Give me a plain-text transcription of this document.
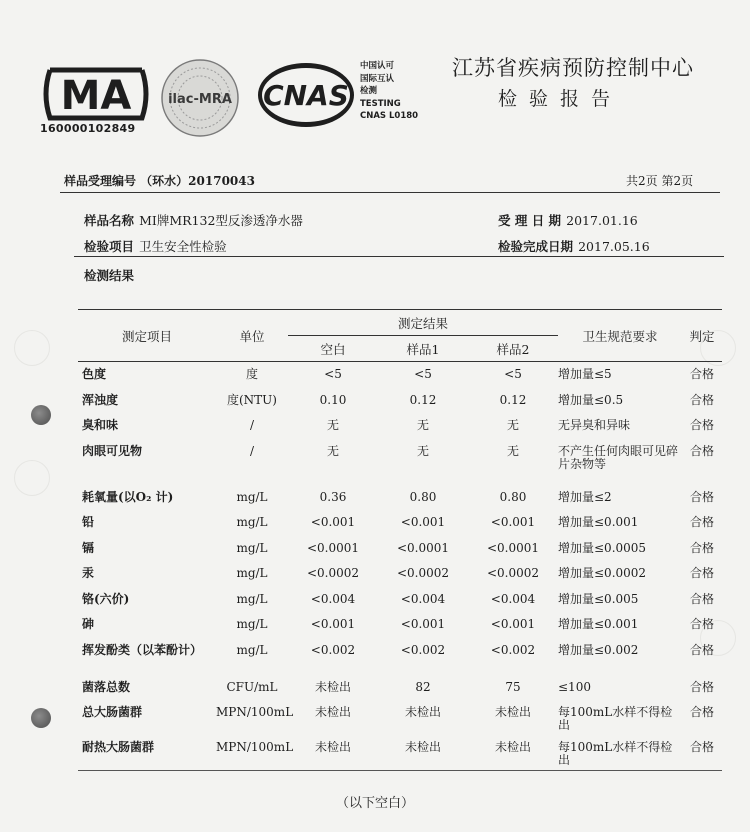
MA
160000102849
ilac-MRA CNAS
中国认可
国际互认
检测
TESTING
CNAS L0180
江苏省疾病预防控制中心
检验报告
样品受理编号 （环水）20170043	共2页 第2页
样品名称 MI牌MR132型反渗透净水器	受 理 日 期 2017.01.16
检验项目 卫生安全性检验	检验完成日期 2017.05.16
检测结果
测定项目	单位	测定结果			卫生规范要求	判定
		空白	样品1	样品2		
色度	度	<5	<5	<5	增加量≤5	合格
浑浊度	度(NTU)	0.10	0.12	0.12	增加量≤0.5	合格
臭和味	/	无	无	无	无异臭和异味	合格
肉眼可见物	/	无	无	无	不产生任何肉眼可见碎片杂物等	合格
耗氧量(以O₂ 计)	mg/L	0.36	0.80	0.80	增加量≤2	合格
铅	mg/L	<0.001	<0.001	<0.001	增加量≤0.001	合格
镉	mg/L	<0.0001	<0.0001	<0.0001	增加量≤0.0005	合格
汞	mg/L	<0.0002	<0.0002	<0.0002	增加量≤0.0002	合格
铬(六价)	mg/L	<0.004	<0.004	<0.004	增加量≤0.005	合格
砷	mg/L	<0.001	<0.001	<0.001	增加量≤0.001	合格
挥发酚类（以苯酚计）	mg/L	<0.002	<0.002	<0.002	增加量≤0.002	合格
菌落总数	CFU/mL	未检出	82	75	≤100	合格
总大肠菌群	MPN/100mL	未检出	未检出	未检出	每100mL水样不得检出	合格
耐热大肠菌群	MPN/100mL	未检出	未检出	未检出	每100mL水样不得检出	合格
（以下空白）
